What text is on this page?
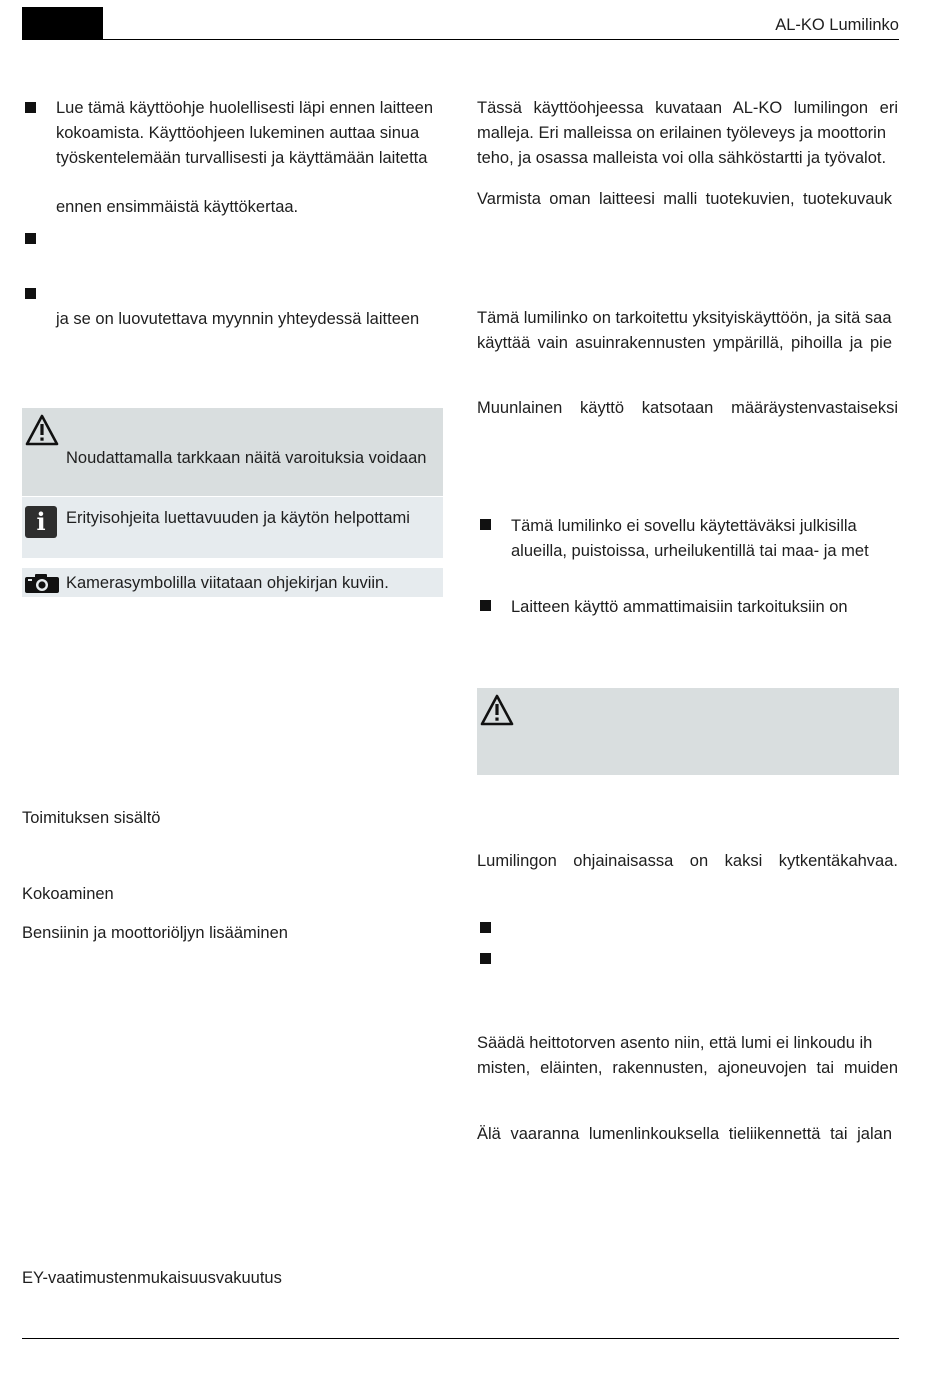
AL-KO Lumilinko
Lue tämä käyttöohje huolellisesti läpi ennen laitteen
kokoamista. Käyttöohjeen lukeminen auttaa sinua
työskentelemään turvallisesti ja käyttämään laitetta
ennen ensimmäistä käyttökertaa.
ja se on luovutettava myynnin yhteydessä laitteen
Noudattamalla tarkkaan näitä varoituksia voidaan
i	Erityisohjeita luettavuuden ja käytön helpottami
Kamerasymbolilla viitataan ohjekirjan kuviin.
Toimituksen sisältö
Kokoaminen
Bensiinin ja moottoriöljyn lisääminen
EY-vaatimustenmukaisuusvakuutus
Tässä käyttöohjeessa kuvataan AL-KO lumilingon eri
malleja. Eri malleissa on erilainen työleveys ja moottorin
teho, ja osassa malleista voi olla sähköstartti ja työvalot.
Varmista oman laitteesi malli tuotekuvien, tuotekuvauk
Tämä lumilinko on tarkoitettu yksityiskäyttöön, ja sitä saa
käyttää vain asuinrakennusten ympärillä, pihoilla ja pie
Muunlainen käyttö katsotaan määräystenvastaiseksi
Tämä lumilinko ei sovellu käytettäväksi julkisilla
alueilla, puistoissa, urheilukentillä tai maa- ja met
Laitteen käyttö ammattimaisiin tarkoituksiin on
Lumilingon ohjainaisassa on kaksi kytkentäkahvaa.
Säädä heittotorven asento niin, että lumi ei linkoudu ih
misten, eläinten, rakennusten, ajoneuvojen tai muiden
Älä vaaranna lumenlinkouksella tieliikennettä tai jalan
